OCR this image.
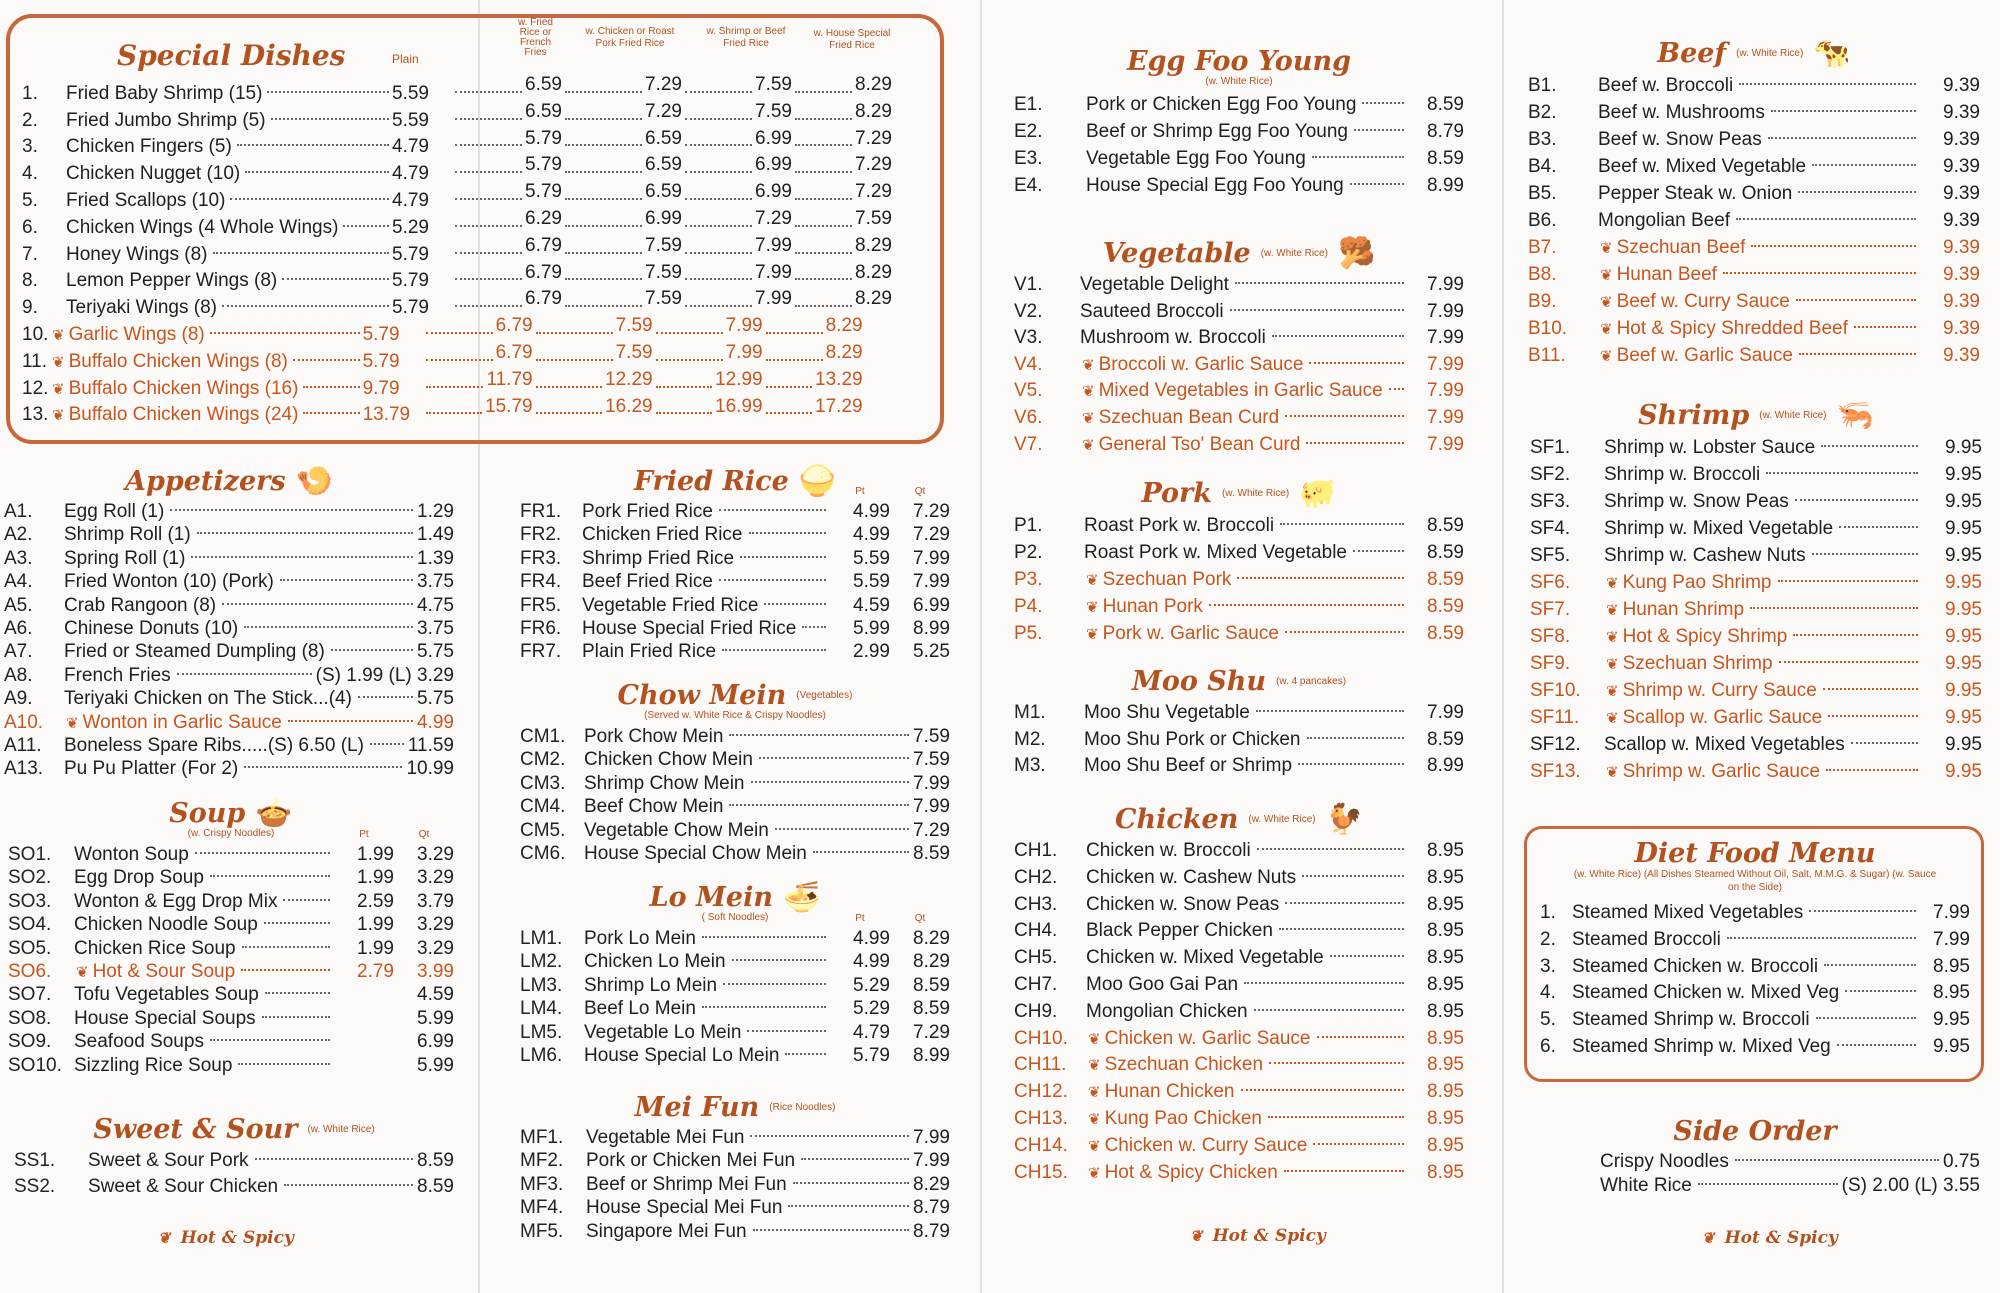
Special Dishes	Plain
w. Fried Rice or French Fries
w. Chicken or Roast Pork Fried Rice
w. Shrimp or Beef Fried Rice
w. House Special Fried Rice
1.	Fried Baby Shrimp (15)	5.59	6.59	7.29	7.59	8.29
2.	Fried Jumbo Shrimp (5)	5.59	6.59	7.29	7.59	8.29
3.	Chicken Fingers (5)	4.79	5.79	6.59	6.99	7.29
4.	Chicken Nugget (10)	4.79	5.79	6.59	6.99	7.29
5.	Fried Scallops (10)	4.79	5.79	6.59	6.99	7.29
6.	Chicken Wings (4 Whole Wings)	5.29	6.29	6.99	7.29	7.59
7.	Honey Wings (8)	5.79	6.79	7.59	7.99	8.29
8.	Lemon Pepper Wings (8)	5.79	6.79	7.59	7.99	8.29
9.	Teriyaki Wings (8)	5.79	6.79	7.59	7.99	8.29
10. ❦ Garlic Wings (8)	5.79	6.79	7.59	7.99	8.29
11. ❦ Buffalo Chicken Wings (8)	5.79	6.79	7.59	7.99	8.29
12. ❦ Buffalo Chicken Wings (16)	9.79	11.79	12.29	12.99	13.29
13. ❦ Buffalo Chicken Wings (24)	13.79	15.79	16.29	16.99	17.29
Appetizers 🍤
A1.	Egg Roll (1)	1.29
A2.	Shrimp Roll (1)	1.49
A3.	Spring Roll (1)	1.39
A4.	Fried Wonton (10) (Pork)	3.75
A5.	Crab Rangoon (8)	4.75
A6.	Chinese Donuts (10)	3.75
A7.	Fried or Steamed Dumpling (8)	5.75
A8.	French Fries	(S) 1.99 (L) 3.29
A9.	Teriyaki Chicken on The Stick...(4)	5.75
A10.	❦ Wonton in Garlic Sauce	4.99
A11.	Boneless Spare Ribs.....(S) 6.50 (L) 11.59
A13.	Pu Pu Platter (For 2)	10.99
Soup 🍲
(w. Crispy Noodles)	Pt	Qt
SO1.	Wonton Soup	1.99	3.29
SO2.	Egg Drop Soup	1.99	3.29
SO3.	Wonton & Egg Drop Mix	2.59	3.79
SO4.	Chicken Noodle Soup	1.99	3.29
SO5.	Chicken Rice Soup	1.99	3.29
SO6.	❦ Hot & Sour Soup	2.79	3.99
SO7.	Tofu Vegetables Soup	4.59
SO8.	House Special Soups	5.99
SO9.	Seafood Soups	6.99
SO10. Sizzling Rice Soup	5.99
Sweet & Sour (w. White Rice)
SS1.	Sweet & Sour Pork	8.59
SS2.	Sweet & Sour Chicken	8.59
❦ Hot & Spicy
Fried Rice 🍚	Pt	Qt
FR1.	Pork Fried Rice	4.99	7.29
FR2.	Chicken Fried Rice	4.99	7.29
FR3.	Shrimp Fried Rice	5.59	7.99
FR4.	Beef Fried Rice	5.59	7.99
FR5.	Vegetable Fried Rice	4.59	6.99
FR6.	House Special Fried Rice	5.99	8.99
FR7.	Plain Fried Rice	2.99	5.25
Chow Mein (Vegetables)
(Served w. White Rice & Crispy Noodles)
CM1. Pork Chow Mein	7.59
CM2. Chicken Chow Mein	7.59
CM3. Shrimp Chow Mein	7.99
CM4. Beef Chow Mein	7.99
CM5. Vegetable Chow Mein	7.29
CM6. House Special Chow Mein	8.59
Lo Mein 🍜
( Soft Noodles)	Pt	Qt
LM1.	Pork Lo Mein	4.99	8.29
LM2.	Chicken Lo Mein	4.99	8.29
LM3.	Shrimp Lo Mein	5.29	8.59
LM4.	Beef Lo Mein	5.29	8.59
LM5.	Vegetable Lo Mein	4.79	7.29
LM6.	House Special Lo Mein	5.79	8.99
Mei Fun (Rice Noodles)
MF1.	Vegetable Mei Fun	7.99
MF2.	Pork or Chicken Mei Fun	7.99
MF3.	Beef or Shrimp Mei Fun	8.29
MF4.	House Special Mei Fun	8.79
MF5.	Singapore Mei Fun	8.79
Egg Foo Young
(w. White Rice)
E1.	Pork or Chicken Egg Foo Young	8.59
E2.	Beef or Shrimp Egg Foo Young	8.79
E3.	Vegetable Egg Foo Young	8.59
E4.	House Special Egg Foo Young	8.99
Vegetable (w. White Rice) 🥦
V1.	Vegetable Delight	7.99
V2.	Sauteed Broccoli	7.99
V3.	Mushroom w. Broccoli	7.99
V4.	❦ Broccoli w. Garlic Sauce	7.99
V5.	❦ Mixed Vegetables in Garlic Sauce	7.99
V6.	❦ Szechuan Bean Curd	7.99
V7.	❦ General Tso' Bean Curd	7.99
Pork (w. White Rice) 🐖
P1.	Roast Pork w. Broccoli	8.59
P2.	Roast Pork w. Mixed Vegetable	8.59
P3.	❦ Szechuan Pork	8.59
P4.	❦ Hunan Pork	8.59
P5.	❦ Pork w. Garlic Sauce	8.59
Moo Shu (w. 4 pancakes)
M1.	Moo Shu Vegetable	7.99
M2.	Moo Shu Pork or Chicken	8.59
M3.	Moo Shu Beef or Shrimp	8.99
Chicken (w. White Rice) 🐓
CH1.	Chicken w. Broccoli	8.95
CH2.	Chicken w. Cashew Nuts	8.95
CH3.	Chicken w. Snow Peas	8.95
CH4.	Black Pepper Chicken	8.95
CH5.	Chicken w. Mixed Vegetable	8.95
CH7.	Moo Goo Gai Pan	8.95
CH9.	Mongolian Chicken	8.95
CH10.	❦ Chicken w. Garlic Sauce	8.95
CH11.	❦ Szechuan Chicken	8.95
CH12.	❦ Hunan Chicken	8.95
CH13.	❦ Kung Pao Chicken	8.95
CH14.	❦ Chicken w. Curry Sauce	8.95
CH15.	❦ Hot & Spicy Chicken	8.95
❦ Hot & Spicy
Beef (w. White Rice) 🐄
B1.	Beef w. Broccoli	9.39
B2.	Beef w. Mushrooms	9.39
B3.	Beef w. Snow Peas	9.39
B4.	Beef w. Mixed Vegetable	9.39
B5.	Pepper Steak w. Onion	9.39
B6.	Mongolian Beef	9.39
B7.	❦ Szechuan Beef	9.39
B8.	❦ Hunan Beef	9.39
B9.	❦ Beef w. Curry Sauce	9.39
B10.	❦ Hot & Spicy Shredded Beef	9.39
B11.	❦ Beef w. Garlic Sauce	9.39
Shrimp (w. White Rice) 🦐
SF1.	Shrimp w. Lobster Sauce	9.95
SF2.	Shrimp w. Broccoli	9.95
SF3.	Shrimp w. Snow Peas	9.95
SF4.	Shrimp w. Mixed Vegetable	9.95
SF5.	Shrimp w. Cashew Nuts	9.95
SF6.	❦ Kung Pao Shrimp	9.95
SF7.	❦ Hunan Shrimp	9.95
SF8.	❦ Hot & Spicy Shrimp	9.95
SF9.	❦ Szechuan Shrimp	9.95
SF10.	❦ Shrimp w. Curry Sauce	9.95
SF11.	❦ Scallop w. Garlic Sauce	9.95
SF12.	Scallop w. Mixed Vegetables	9.95
SF13.	❦ Shrimp w. Garlic Sauce	9.95
Diet Food Menu
(w. White Rice) (All Dishes Steamed Without Oil, Salt, M.M.G. & Sugar) (w. Sauce on the Side)
1. Steamed Mixed Vegetables	7.99
2. Steamed Broccoli	7.99
3. Steamed Chicken w. Broccoli	8.95
4. Steamed Chicken w. Mixed Veg	8.95
5. Steamed Shrimp w. Broccoli	9.95
6. Steamed Shrimp w. Mixed Veg	9.95
Side Order
Crispy Noodles	0.75
White Rice	(S) 2.00 (L) 3.55
❦ Hot & Spicy
